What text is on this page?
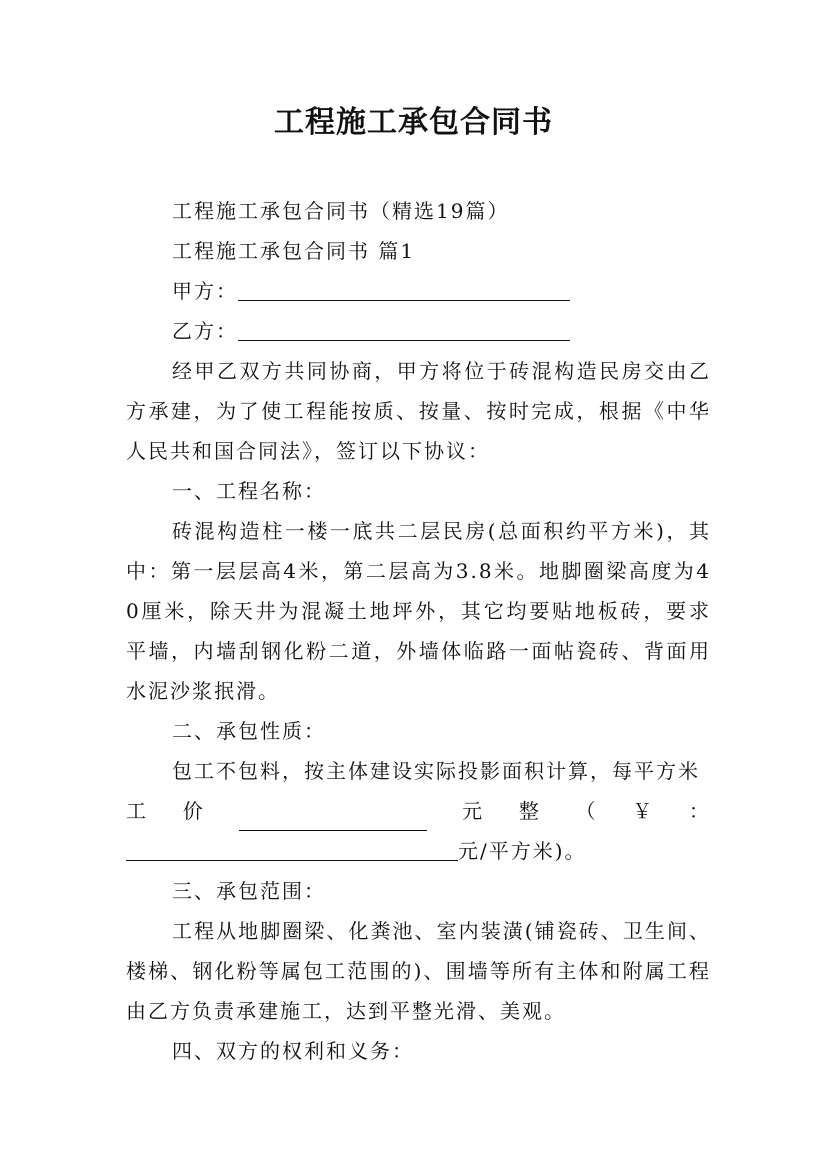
工程施工承包合同书

工程施工承包合同书（精选19篇）

工程施工承包合同书 篇1

甲方：

乙方：

经甲乙双方共同协商，甲方将位于砖混构造民房交由乙方承建，为了使工程能按质、按量、按时完成，根据《中华人民共和国合同法》，签订以下协议：

一、工程名称：

砖混构造柱一楼一底共二层民房(总面积约平方米)，其中：第一层层高4米，第二层高为3.8米。地脚圈梁高度为40厘米，除天井为混凝土地坪外，其它均要贴地板砖，要求平墙，内墙刮钢化粉二道，外墙体临路一面帖瓷砖、背面用水泥沙浆抿滑。

二、承包性质：

包工不包料，按主体建设实际投影面积计算，每平方米

工 价	元 整 （ ￥ ：

元/平方米)。

三、承包范围：

工程从地脚圈梁、化粪池、室内装潢(铺瓷砖、卫生间、楼梯、钢化粉等属包工范围的)、围墙等所有主体和附属工程由乙方负责承建施工，达到平整光滑、美观。

四、双方的权利和义务：
